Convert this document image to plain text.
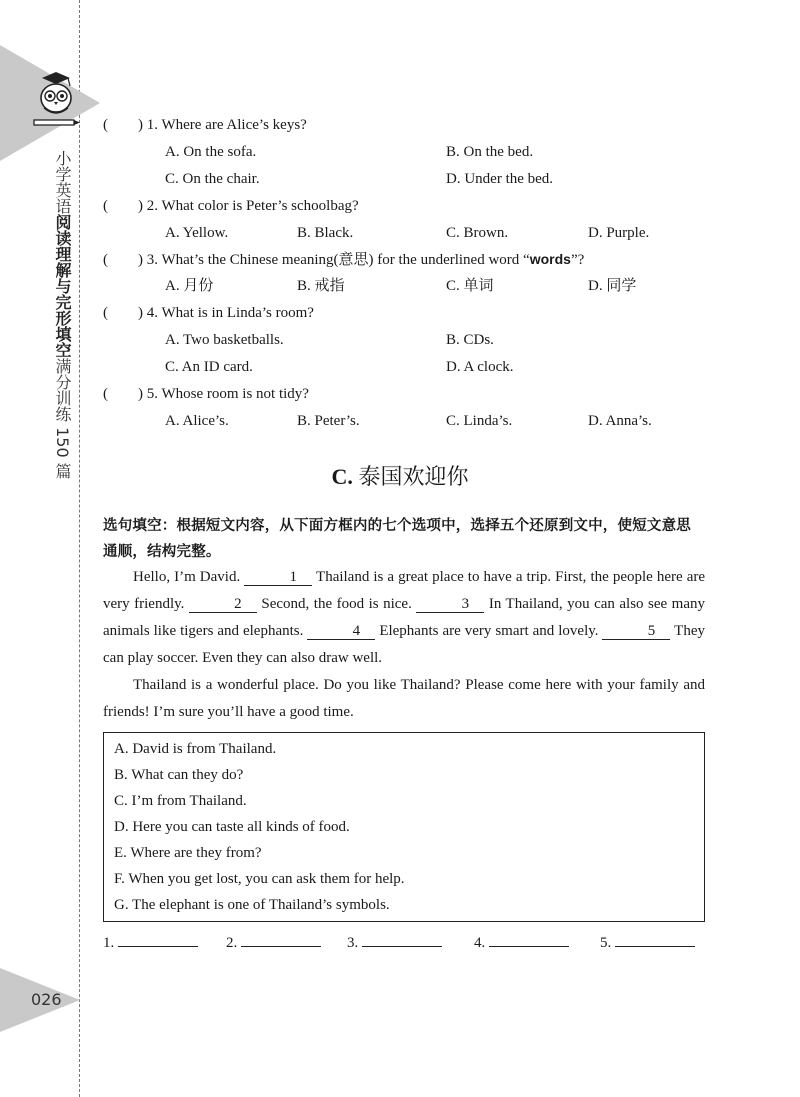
小学英语阅读理解与完形填空满分训练 150 篇
026
( ) 1. Where are Alice’s keys?
A. On the sofa.	B. On the bed.
C. On the chair.	D. Under the bed.
( ) 2. What color is Peter’s schoolbag?
A. Yellow.	B. Black.	C. Brown.	D. Purple.
( ) 3. What’s the Chinese meaning(意思) for the underlined word “words”?
A. 月份	B. 戒指	C. 单词	D. 同学
( ) 4. What is in Linda’s room?
A. Two basketballs.	B. CDs.
C. An ID card.	D. A clock.
( ) 5. Whose room is not tidy?
A. Alice’s.	B. Peter’s.	C. Linda’s.	D. Anna’s.
C. 泰国欢迎你
选句填空：根据短文内容，从下面方框内的七个选项中，选择五个还原到文中，使短文意思通顺，结构完整。
Hello, I’m David.	1 Thailand is a great place to have a trip. First, the people here are very friendly.	2 Second, the food is nice.	3 In Thailand, you can also see many animals like tigers and elephants.	4 Elephants are very smart and lovely.	5 They can play soccer. Even they can also draw well.
Thailand is a wonderful place. Do you like Thailand? Please come here with your family and friends! I’m sure you’ll have a good time.
A. David is from Thailand.
B. What can they do?
C. I’m from Thailand.
D. Here you can taste all kinds of food.
E. Where are they from?
F. When you get lost, you can ask them for help.
G. The elephant is one of Thailand’s symbols.
1.	2.	3.	4.	5.
